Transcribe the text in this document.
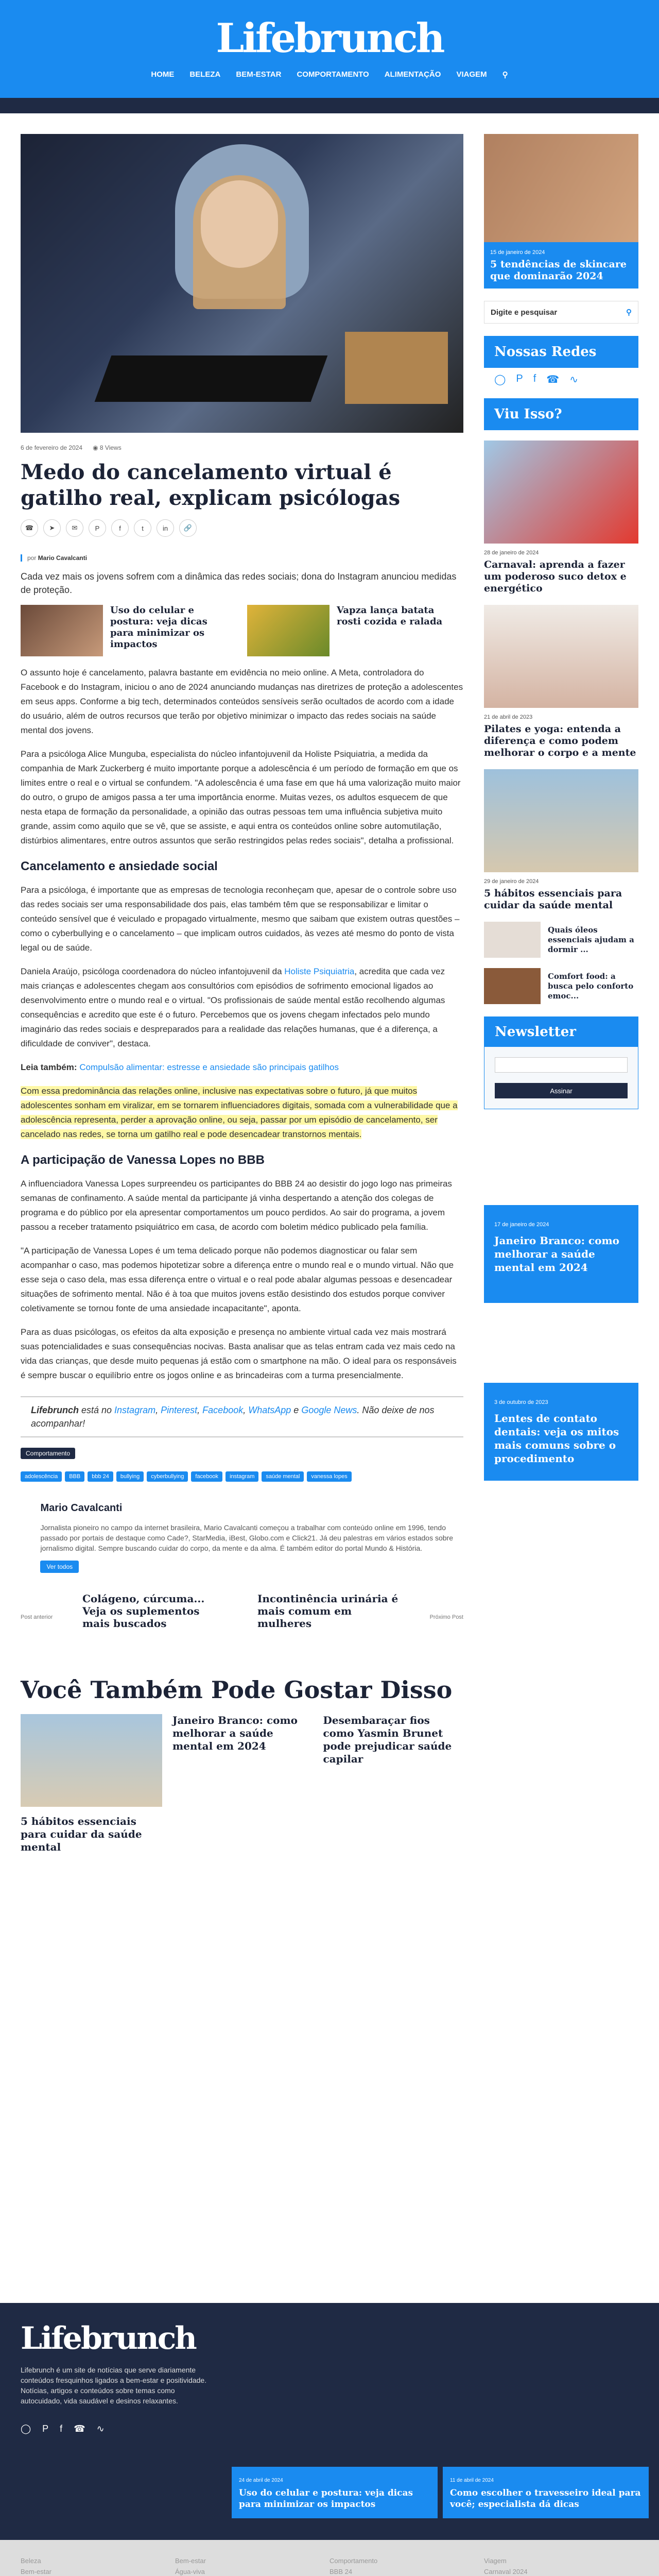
Lifebrunch
HOME BELEZA BEM-ESTAR COMPORTAMENTO ALIMENTAÇÃO VIAGEM ⚲
6 de fevereiro de 2024 ◉ 8 Views
Medo do cancelamento virtual é gatilho real, explicam psicólogas
☎	➤	✉	P	f	t	in	🔗
por Mario Cavalcanti

Cada vez mais os jovens sofrem com a dinâmica das redes sociais; dona do Instagram anunciou medidas de proteção.

Uso do celular e postura: veja dicas para minimizar os impactos
Vapza lança batata rosti cozida e ralada

O assunto hoje é cancelamento, palavra bastante em evidência no meio online. A Meta, controladora do Facebook e do Instagram, iniciou o ano de 2024 anunciando mudanças nas diretrizes de proteção a adolescentes em seus apps. Conforme a big tech, determinados conteúdos sensíveis serão ocultados de acordo com a idade do usuário, além de outros recursos que terão por objetivo minimizar o impacto das redes sociais na saúde mental dos jovens.

Para a psicóloga Alice Munguba, especialista do núcleo infantojuvenil da Holiste Psiquiatria, a medida da companhia de Mark Zuckerberg é muito importante porque a adolescência é um período de formação em que os limites entre o real e o virtual se confundem. "A adolescência é uma fase em que há uma valorização muito maior do outro, o grupo de amigos passa a ter uma importância enorme. Muitas vezes, os adultos esquecem de que nesta etapa de formação da personalidade, a opinião das outras pessoas tem uma influência subjetiva muito grande, assim como aquilo que se vê, que se assiste, e aqui entra os conteúdos online sobre automutilação, distúrbios alimentares, entre outros assuntos que serão restringidos pelas redes sociais", detalha a profissional.

Cancelamento e ansiedade social

Para a psicóloga, é importante que as empresas de tecnologia reconheçam que, apesar de o controle sobre uso das redes sociais ser uma responsabilidade dos pais, elas também têm que se responsabilizar e limitar o conteúdo sensível que é veiculado e propagado virtualmente, mesmo que saibam que existem outras questões – como o cyberbullying e o cancelamento – que implicam outros cuidados, às vezes até mesmo do ponto de vista legal ou de saúde.

Daniela Araújo, psicóloga coordenadora do núcleo infantojuvenil da Holiste Psiquiatria, acredita que cada vez mais crianças e adolescentes chegam aos consultórios com episódios de sofrimento emocional ligados ao desenvolvimento entre o mundo real e o virtual. "Os profissionais de saúde mental estão recolhendo algumas consequências e acredito que este é o futuro. Percebemos que os jovens chegam infectados pelo mundo imaginário das redes sociais e despreparados para a realidade das relações humanas, que é a diferença, a dificuldade de conviver", destaca.

Leia também: Compulsão alimentar: estresse e ansiedade são principais gatilhos

Com essa predominância das relações online, inclusive nas expectativas sobre o futuro, já que muitos adolescentes sonham em viralizar, em se tornarem influenciadores digitais, somada com a vulnerabilidade que a adolescência representa, perder a aprovação online, ou seja, passar por um episódio de cancelamento, ser cancelado nas redes, se torna um gatilho real e pode desencadear transtornos mentais.

A participação de Vanessa Lopes no BBB

A influenciadora Vanessa Lopes surpreendeu os participantes do BBB 24 ao desistir do jogo logo nas primeiras semanas de confinamento. A saúde mental da participante já vinha despertando a atenção dos colegas de programa e do público por ela apresentar comportamentos um pouco perdidos. Ao sair do programa, a jovem passou a receber tratamento psiquiátrico em casa, de acordo com boletim médico publicado pela família.

"A participação de Vanessa Lopes é um tema delicado porque não podemos diagnosticar ou falar sem acompanhar o caso, mas podemos hipotetizar sobre a diferença entre o mundo real e o mundo virtual. Não que esse seja o caso dela, mas essa diferença entre o virtual e o real pode abalar algumas pessoas e desencadear situações de sofrimento mental. Não é à toa que muitos jovens estão desistindo dos estudos porque conviver coletivamente se tornou fonte de uma ansiedade incapacitante", aponta.

Para as duas psicólogas, os efeitos da alta exposição e presença no ambiente virtual cada vez mais mostrará suas potencialidades e suas consequências nocivas. Basta analisar que as telas entram cada vez mais cedo na vida das crianças, que desde muito pequenas já estão com o smartphone na mão. O ideal para os responsáveis é sempre buscar o equilíbrio entre os jogos online e as brincadeiras com a turma presencialmente.

Lifebrunch está no Instagram, Pinterest, Facebook, WhatsApp e Google News. Não deixe de nos acompanhar!
Comportamento
adolescência	BBB	bbb 24	bullying	cyberbullying	facebook	instagram	saúde mental	vanessa lopes
Mario Cavalcanti

Jornalista pioneiro no campo da internet brasileira, Mario Cavalcanti começou a trabalhar com conteúdo online em 1996, tendo passado por portais de destaque como Cade?, StarMedia, iBest, Globo.com e Click21. Já deu palestras em vários estados sobre jornalismo digital. Sempre buscando cuidar do corpo, da mente e da alma. É também editor do portal Mundo & História.

Ver todos
Post anterior
Colágeno, cúrcuma... Veja os suplementos mais buscados
Incontinência urinária é mais comum em mulheres	Próximo Post
Você Também Pode Gostar Disso
5 hábitos essenciais para cuidar da saúde mental
Janeiro Branco: como melhorar a saúde mental em 2024
Desembaraçar fios como Yasmin Brunet pode prejudicar saúde capilar
15 de janeiro de 2024
5 tendências de skincare que dominarão 2024
Digite e pesquisar	⚲
Nossas Redes
◯ P f ☎ ∿
Viu Isso?
28 de janeiro de 2024
Carnaval: aprenda a fazer um poderoso suco detox e energético
21 de abril de 2023
Pilates e yoga: entenda a diferença e como podem melhorar o corpo e a mente
29 de janeiro de 2024
5 hábitos essenciais para cuidar da saúde mental
Quais óleos essenciais ajudam a dormir ...
Comfort food: a busca pelo conforto emoc...
Newsletter
Assinar
17 de janeiro de 2024
Janeiro Branco: como melhorar a saúde mental em 2024
3 de outubro de 2023
Lentes de contato dentais: veja os mitos mais comuns sobre o procedimento
Lifebrunch

Lifebrunch é um site de notícias que serve diariamente conteúdos fresquinhos ligados a bem-estar e positividade. Notícias, artigos e conteúdos sobre temas como autocuidado, vida saudável e desinos relaxantes.

◯ P f ☎ ∿
24 de abril de 2024
Uso do celular e postura: veja dicas para minimizar os impactos
11 de abril de 2024
Como escolher o travesseiro ideal para você; especialista dá dicas
Beleza
Bem-estar
Bem-estar
Água-viva
Comportamento
BBB 24
Viagem
Carnaval 2024
